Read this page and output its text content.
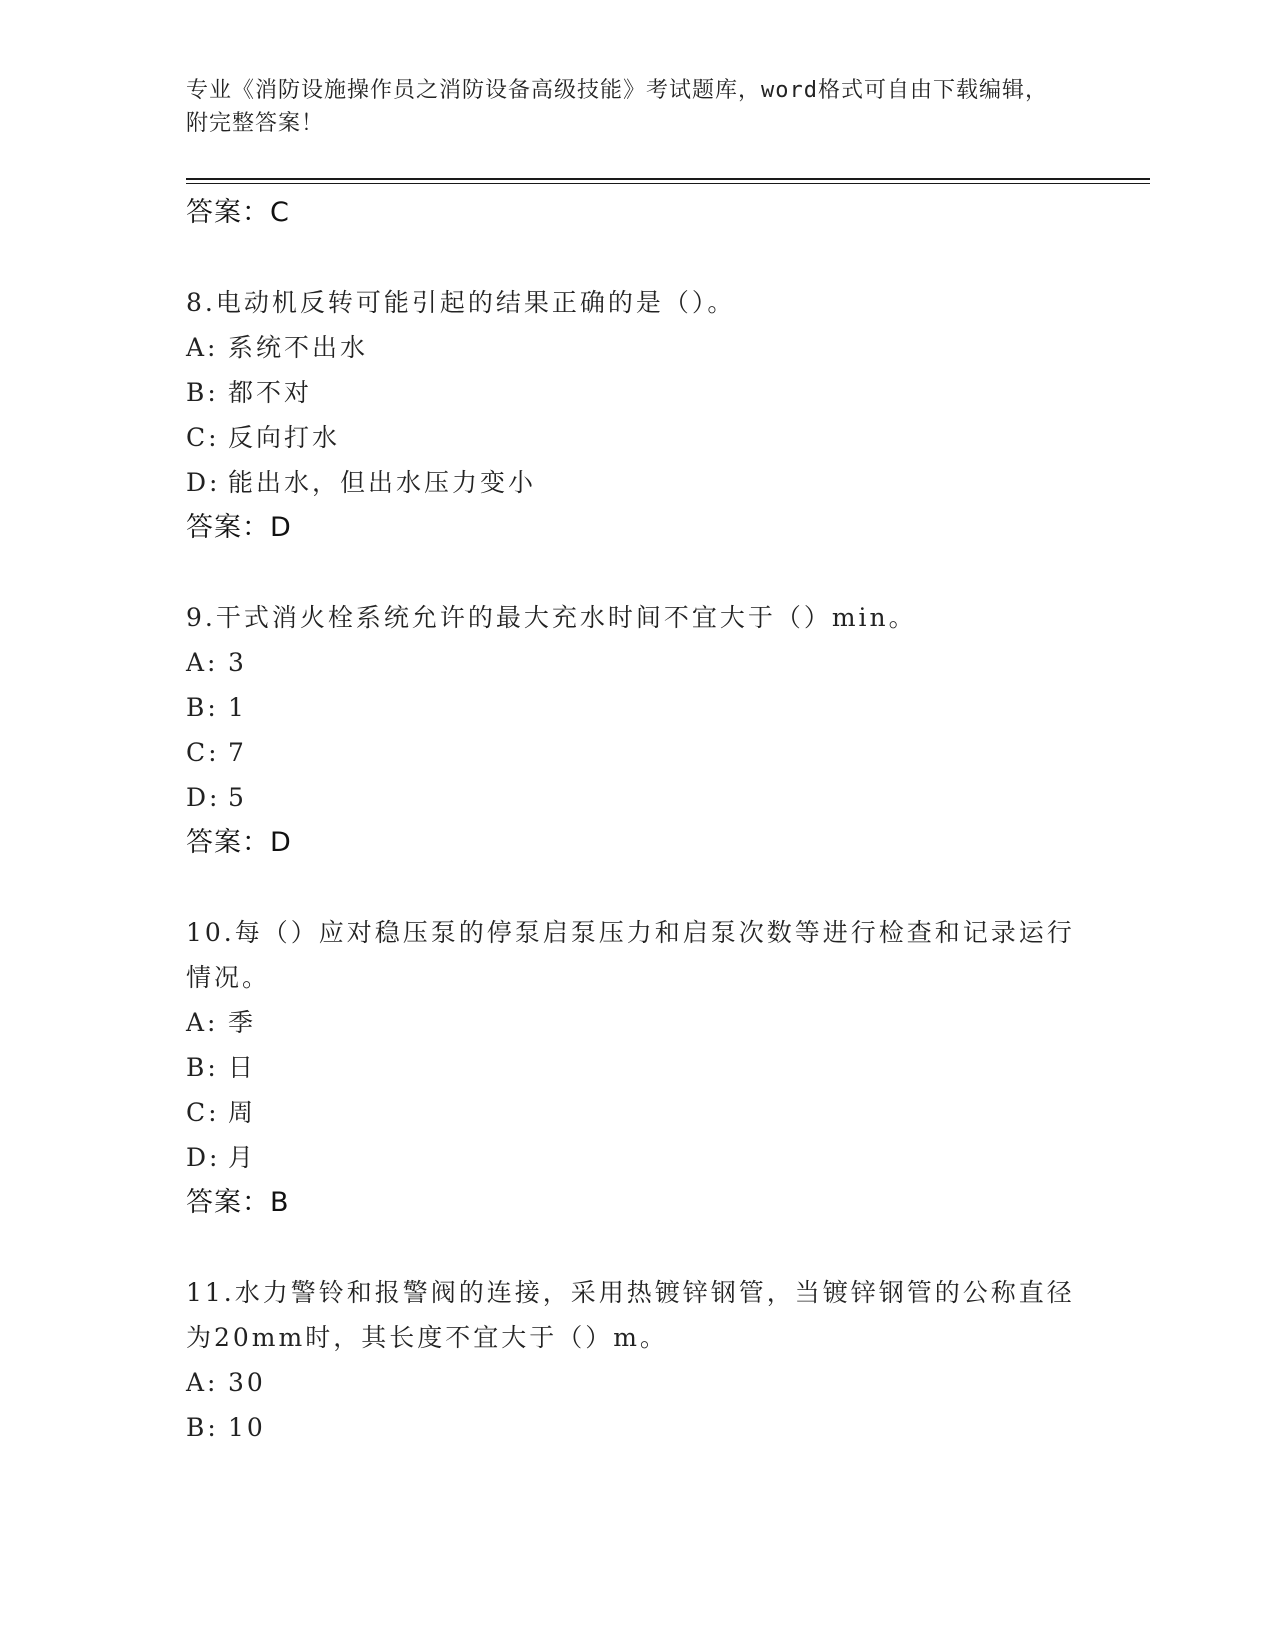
专业《消防设施操作员之消防设备高级技能》考试题库，word格式可自由下载编辑，附完整答案！
答案：C
8.电动机反转可能引起的结果正确的是（）。
A: 系统不出水
B: 都不对
C: 反向打水
D: 能出水，但出水压力变小
答案：D
9.干式消火栓系统允许的最大充水时间不宜大于（）min。
A: 3
B: 1
C: 7
D: 5
答案：D
10.每（）应对稳压泵的停泵启泵压力和启泵次数等进行检查和记录运行情况。
A: 季
B: 日
C: 周
D: 月
答案：B
11.水力警铃和报警阀的连接，采用热镀锌钢管，当镀锌钢管的公称直径为20mm时，其长度不宜大于（）m。
A: 30
B: 10
